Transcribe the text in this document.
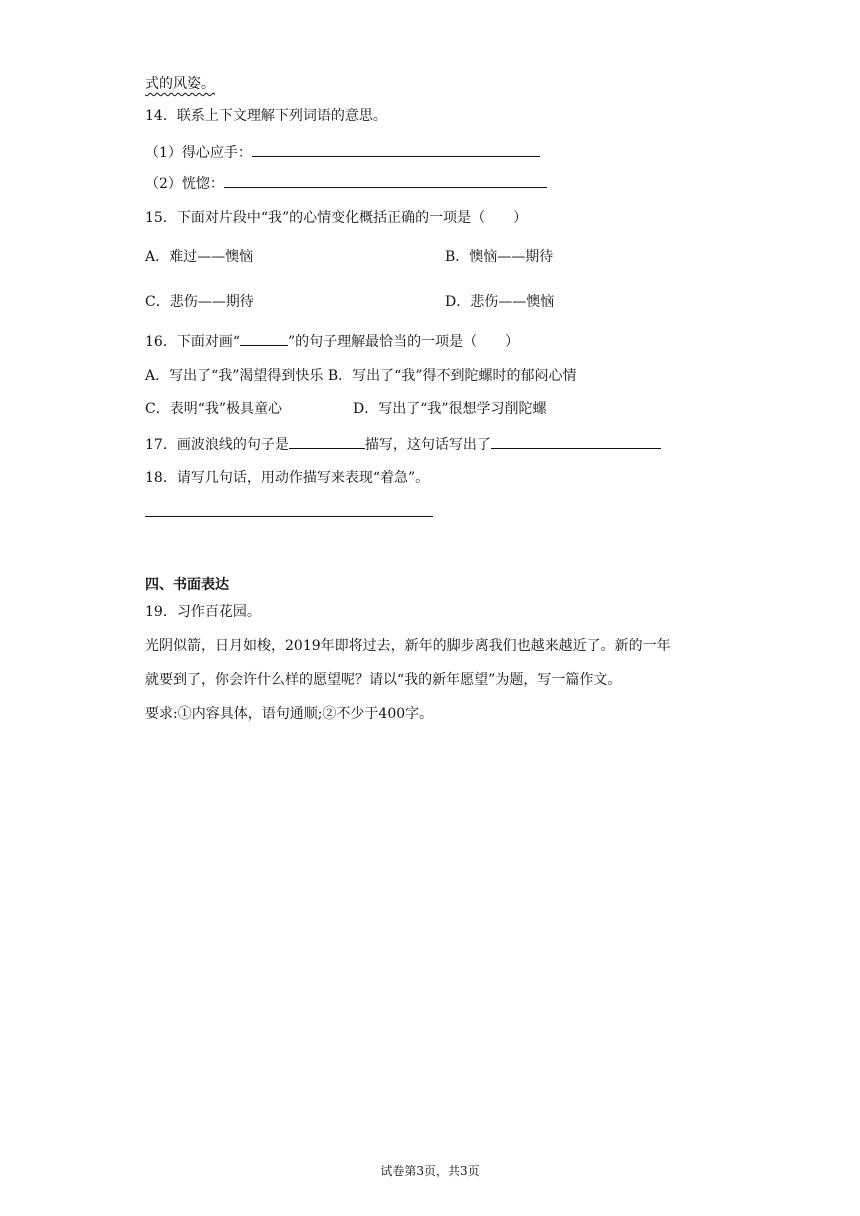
式的风姿。
14．联系上下文理解下列词语的意思。
（1）得心应手：
（2）恍惚：
15．下面对片段中“我”的心情变化概括正确的一项是（　　）
A．难过——懊恼	B．懊恼——期待
C．悲伤——期待	D．悲伤——懊恼
16．下面对画“	”的句子理解最恰当的一项是（　　）
A．写出了“我”渴望得到快乐 B．写出了“我”得不到陀螺时的郁闷心情
C．表明“我”极具童心	D．写出了“我”很想学习削陀螺
17．画波浪线的句子是	描写，这句话写出了
18．请写几句话，用动作描写来表现“着急”。
四、书面表达
19．习作百花园。
光阴似箭，日月如梭，2019年即将过去，新年的脚步离我们也越来越近了。新的一年
就要到了，你会许什么样的愿望呢？请以“我的新年愿望”为题，写一篇作文。
要求:①内容具体，语句通顺;②不少于400字。
试卷第3页，共3页
